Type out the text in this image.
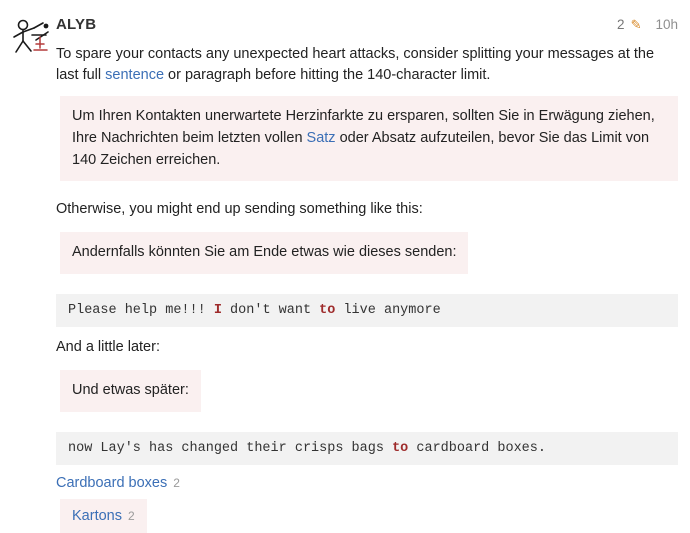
ALYB	2 ✎ 10h

To spare your contacts any unexpected heart attacks, consider splitting your messages at the last full sentence or paragraph before hitting the 140-character limit.

Um Ihren Kontakten unerwartete Herzinfarkte zu ersparen, sollten Sie in Erwägung ziehen, Ihre Nachrichten beim letzten vollen Satz oder Absatz aufzuteilen, bevor Sie das Limit von 140 Zeichen erreichen.

Otherwise, you might end up sending something like this:

Andernfalls könnten Sie am Ende etwas wie dieses senden:
Please help me!!! I don't want to live anymore

And a little later:

Und etwas später:
now Lay's has changed their crisps bags to cardboard boxes.
Cardboard boxes 2
Kartons 2
